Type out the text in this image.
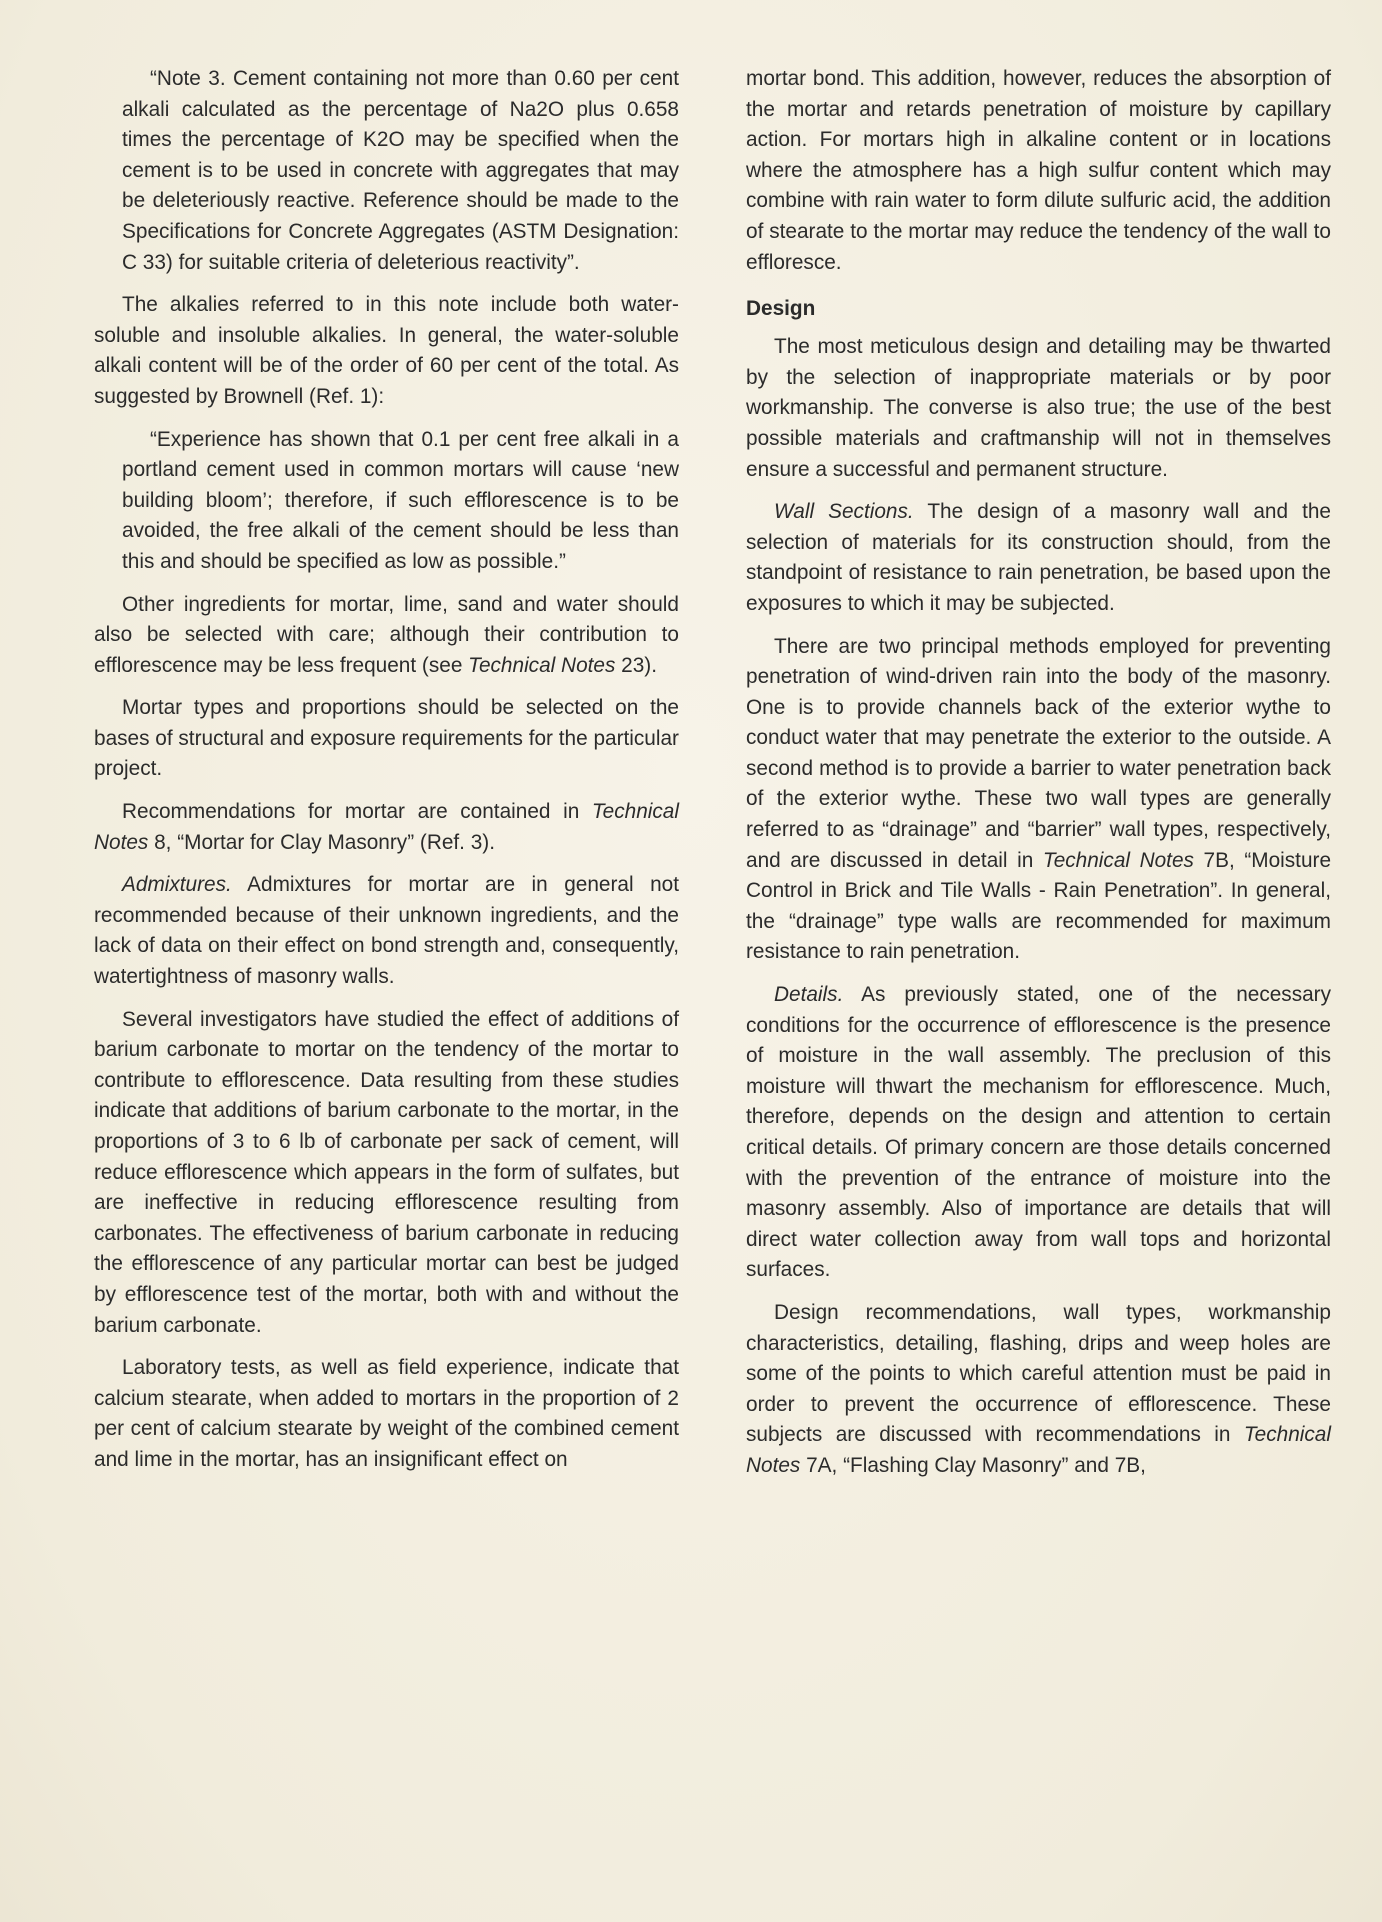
“Note 3. Cement containing not more than 0.60 per cent alkali calculated as the percentage of Na2O plus 0.658 times the percentage of K2O may be specified when the cement is to be used in concrete with aggregates that may be deleteriously reactive. Reference should be made to the Specifications for Concrete Aggregates (ASTM Designation: C 33) for suitable criteria of deleterious reactivity”.

The alkalies referred to in this note include both water-soluble and insoluble alkalies. In general, the water-soluble alkali content will be of the order of 60 per cent of the total. As suggested by Brownell (Ref. 1):

“Experience has shown that 0.1 per cent free alkali in a portland cement used in common mortars will cause ‘new building bloom’; therefore, if such efflorescence is to be avoided, the free alkali of the cement should be less than this and should be specified as low as possible.”

Other ingredients for mortar, lime, sand and water should also be selected with care; although their contribution to efflorescence may be less frequent (see Technical Notes 23).

Mortar types and proportions should be selected on the bases of structural and exposure requirements for the particular project.

Recommendations for mortar are contained in Technical Notes 8, “Mortar for Clay Masonry” (Ref. 3).

Admixtures. Admixtures for mortar are in general not recommended because of their unknown ingredients, and the lack of data on their effect on bond strength and, consequently, watertightness of masonry walls.

Several investigators have studied the effect of additions of barium carbonate to mortar on the tendency of the mortar to contribute to efflorescence. Data resulting from these studies indicate that additions of barium carbonate to the mortar, in the proportions of 3 to 6 lb of carbonate per sack of cement, will reduce efflorescence which appears in the form of sulfates, but are ineffective in reducing efflorescence resulting from carbonates. The effectiveness of barium carbonate in reducing the efflorescence of any particular mortar can best be judged by efflorescence test of the mortar, both with and without the barium carbonate.

Laboratory tests, as well as field experience, indicate that calcium stearate, when added to mortars in the proportion of 2 per cent of calcium stearate by weight of the combined cement and lime in the mortar, has an insignificant effect on

mortar bond. This addition, however, reduces the absorption of the mortar and retards penetration of moisture by capillary action. For mortars high in alkaline content or in locations where the atmosphere has a high sulfur content which may combine with rain water to form dilute sulfuric acid, the addition of stearate to the mortar may reduce the tendency of the wall to effloresce.

Design

The most meticulous design and detailing may be thwarted by the selection of inappropriate materials or by poor workmanship. The converse is also true; the use of the best possible materials and craftmanship will not in themselves ensure a successful and permanent structure.

Wall Sections. The design of a masonry wall and the selection of materials for its construction should, from the standpoint of resistance to rain penetration, be based upon the exposures to which it may be subjected.

There are two principal methods employed for preventing penetration of wind-driven rain into the body of the masonry. One is to provide channels back of the exterior wythe to conduct water that may penetrate the exterior to the outside. A second method is to provide a barrier to water penetration back of the exterior wythe. These two wall types are generally referred to as “drainage” and “barrier” wall types, respectively, and are discussed in detail in Technical Notes 7B, “Moisture Control in Brick and Tile Walls - Rain Penetration”. In general, the “drainage” type walls are recommended for maximum resistance to rain penetration.

Details. As previously stated, one of the necessary conditions for the occurrence of efflorescence is the presence of moisture in the wall assembly. The preclusion of this moisture will thwart the mechanism for efflorescence. Much, therefore, depends on the design and attention to certain critical details. Of primary concern are those details concerned with the prevention of the entrance of moisture into the masonry assembly. Also of importance are details that will direct water collection away from wall tops and horizontal surfaces.

Design recommendations, wall types, workmanship characteristics, detailing, flashing, drips and weep holes are some of the points to which careful attention must be paid in order to prevent the occurrence of efflorescence. These subjects are discussed with recommendations in Technical Notes 7A, “Flashing Clay Masonry” and 7B,
